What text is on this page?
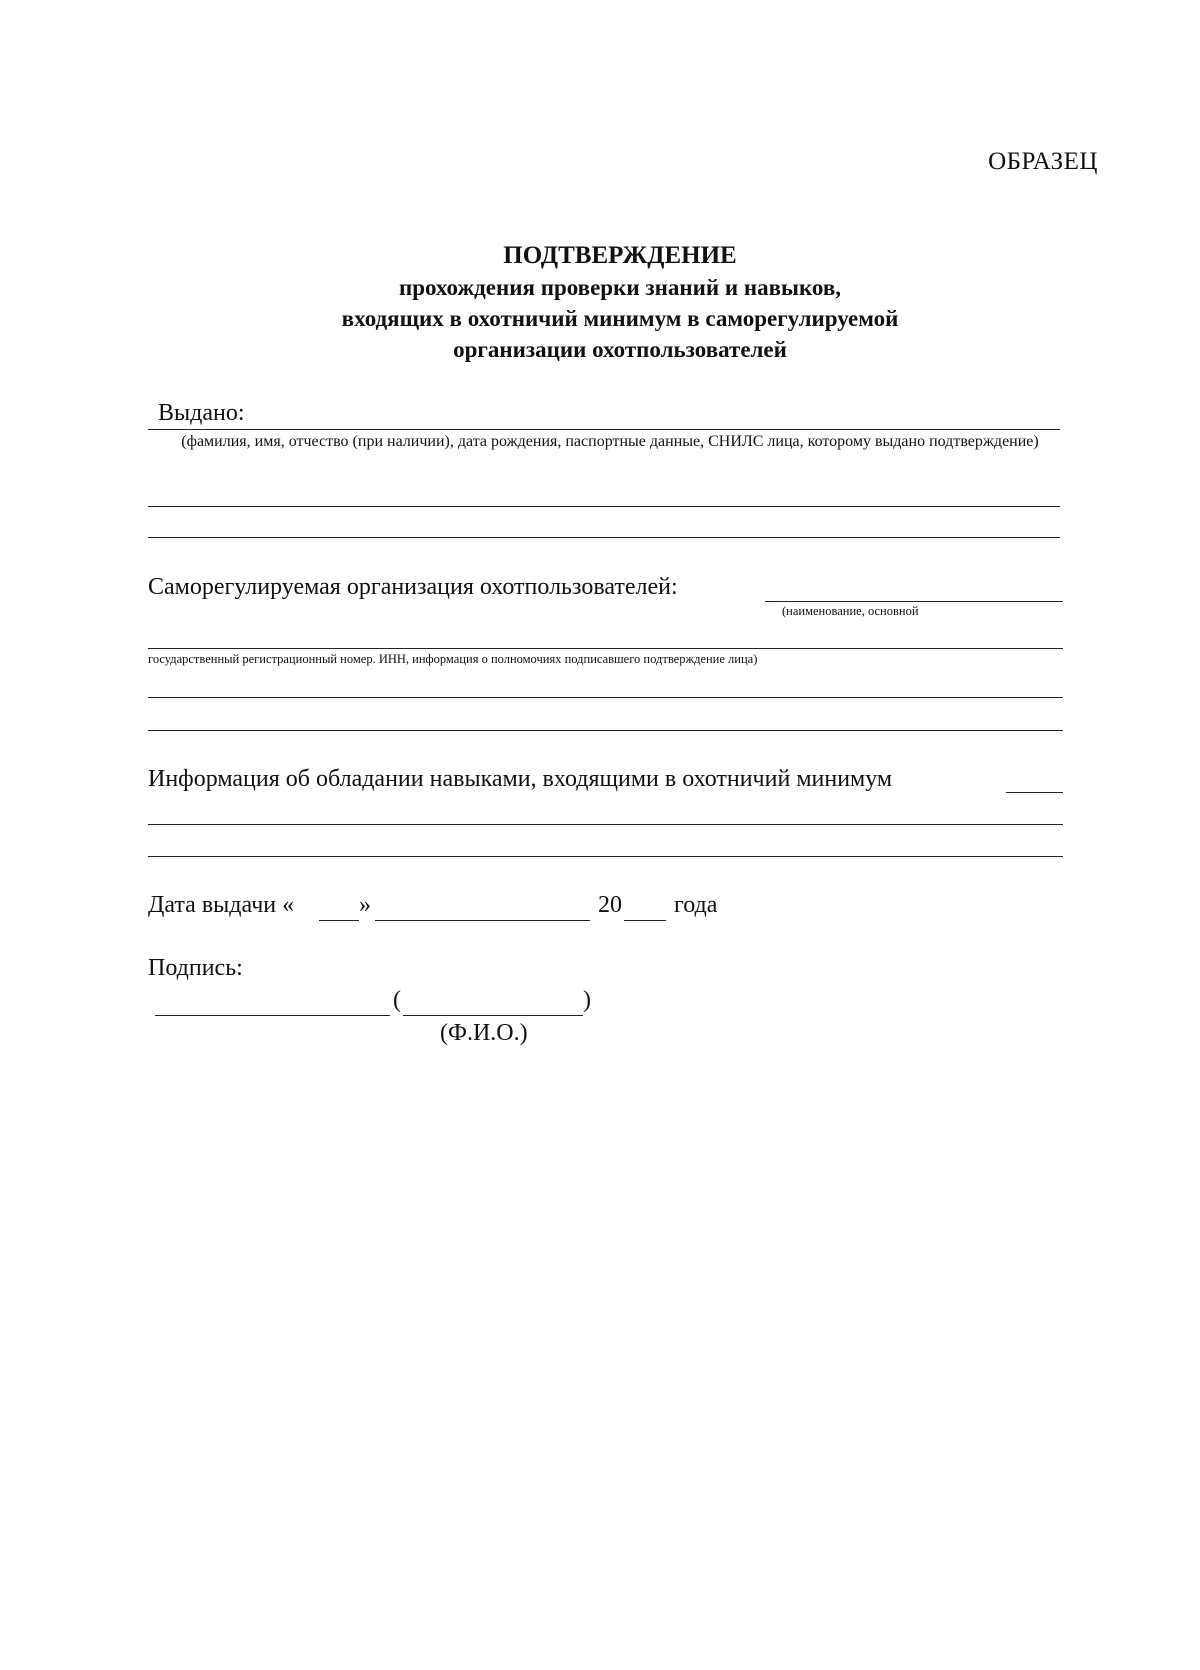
ОБРАЗЕЦ
ПОДТВЕРЖДЕНИЕ
прохождения проверки знаний и навыков,
входящих в охотничий минимум в саморегулируемой
организации охотпользователей
Выдано:
(фамилия, имя, отчество (при наличии), дата рождения, паспортные данные, СНИЛС лица, которому выдано подтверждение)
Саморегулируемая организация охотпользователей:
(наименование, основной
государственный регистрационный номер. ИНН, информация о полномочиях подписавшего подтверждение лица)
Информация об обладании навыками, входящими в охотничий минимум
Дата выдачи «	»	20 года
Подпись:
(	)
(Ф.И.О.)
